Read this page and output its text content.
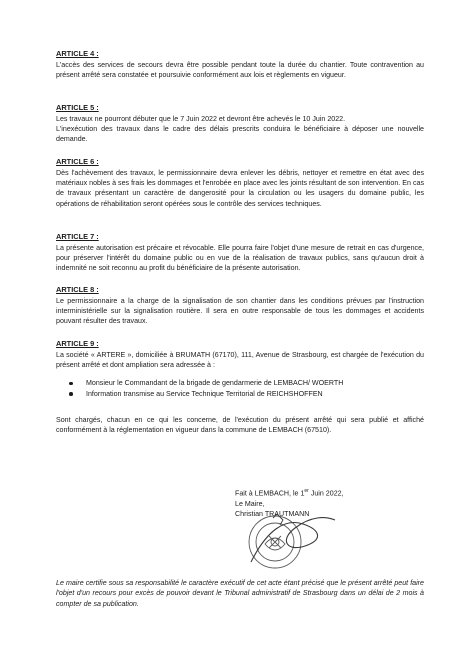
ARTICLE 4 :

L'accès des services de secours devra être possible pendant toute la durée du chantier. Toute contravention au présent arrêté sera constatée et poursuivie conformément aux lois et règlements en vigueur.

ARTICLE 5 :

Les travaux ne pourront débuter que le 7 Juin 2022 et devront être achevés le 10 Juin 2022.

L'inexécution des travaux dans le cadre des délais prescrits conduira le bénéficiaire à déposer une nouvelle demande.

ARTICLE 6 :

Dès l'achèvement des travaux, le permissionnaire devra enlever les débris, nettoyer et remettre en état avec des matériaux nobles à ses frais les dommages et l'enrobée en place avec les joints résultant de son intervention. En cas de travaux présentant un caractère de dangerosité pour la circulation ou les usagers du domaine public, les opérations de réhabilitation seront opérées sous le contrôle des services techniques.

ARTICLE 7 :

La présente autorisation est précaire et révocable. Elle pourra faire l'objet d'une mesure de retrait en cas d'urgence, pour préserver l'intérêt du domaine public ou en vue de la réalisation de travaux publics, sans qu'aucun droit à indemnité ne soit reconnu au profit du bénéficiaire de la présente autorisation.

ARTICLE 8 :

Le permissionnaire a la charge de la signalisation de son chantier dans les conditions prévues par l'instruction interministérielle sur la signalisation routière. Il sera en outre responsable de tous les dommages et accidents pouvant résulter des travaux.

ARTICLE 9 :

La société « ARTERE », domiciliée à BRUMATH (67170), 111, Avenue de Strasbourg, est chargée de l'exécution du présent arrêté et dont ampliation sera adressée à :

Monsieur le Commandant de la brigade de gendarmerie de LEMBACH/ WOERTH
Information transmise au Service Technique Territorial de REICHSHOFFEN

Sont chargés, chacun en ce qui les concerne, de l'exécution du présent arrêté qui sera publié et affiché conformément à la réglementation en vigueur dans la commune de LEMBACH (67510).

Fait à LEMBACH, le 1er Juin 2022,
Le Maire,
Christian TRAUTMANN

Le maire certifie sous sa responsabilité le caractère exécutif de cet acte étant précisé que le présent arrêté peut faire l'objet d'un recours pour excès de pouvoir devant le Tribunal administratif de Strasbourg dans un délai de 2 mois à compter de sa publication.
